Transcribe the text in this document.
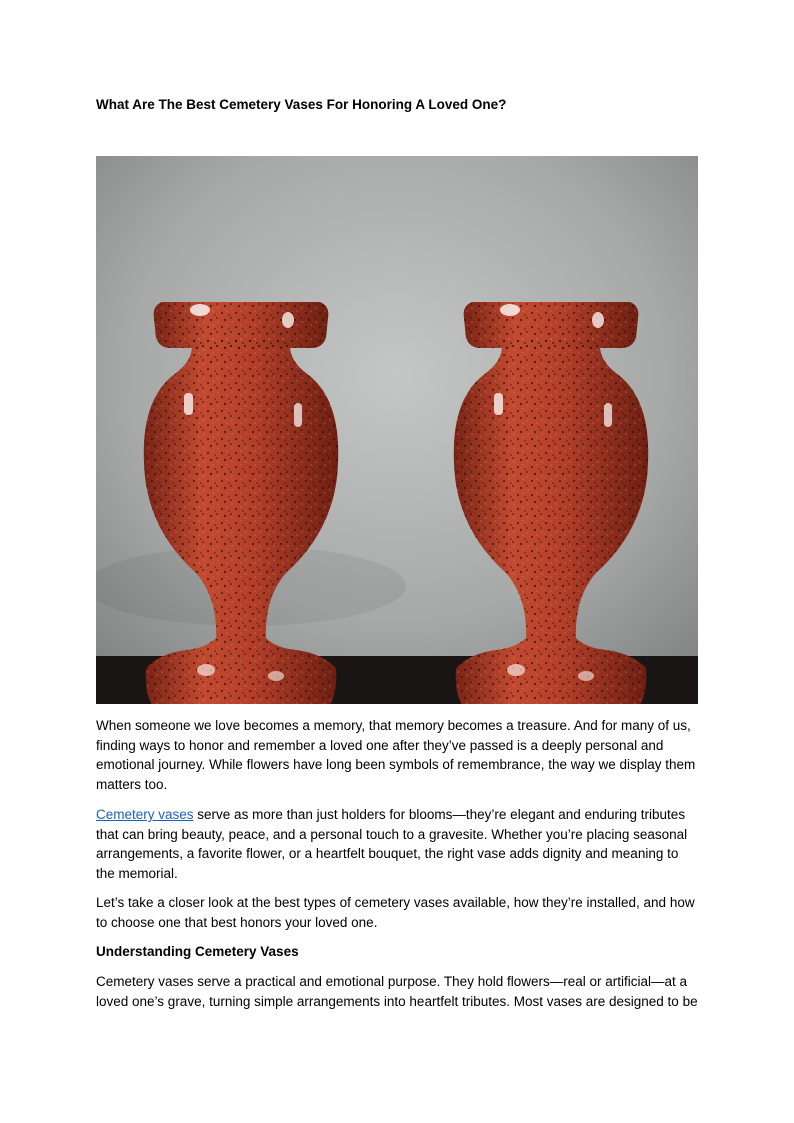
What Are The Best Cemetery Vases For Honoring A Loved One?

When someone we love becomes a memory, that memory becomes a treasure. And for many of us, finding ways to honor and remember a loved one after they’ve passed is a deeply personal and emotional journey. While flowers have long been symbols of remembrance, the way we display them matters too.

Cemetery vases serve as more than just holders for blooms—they’re elegant and enduring tributes that can bring beauty, peace, and a personal touch to a gravesite. Whether you’re placing seasonal arrangements, a favorite flower, or a heartfelt bouquet, the right vase adds dignity and meaning to the memorial.

Let’s take a closer look at the best types of cemetery vases available, how they’re installed, and how to choose one that best honors your loved one.

Understanding Cemetery Vases

Cemetery vases serve a practical and emotional purpose. They hold flowers—real or artificial—at a loved one’s grave, turning simple arrangements into heartfelt tributes. Most vases are designed to be
